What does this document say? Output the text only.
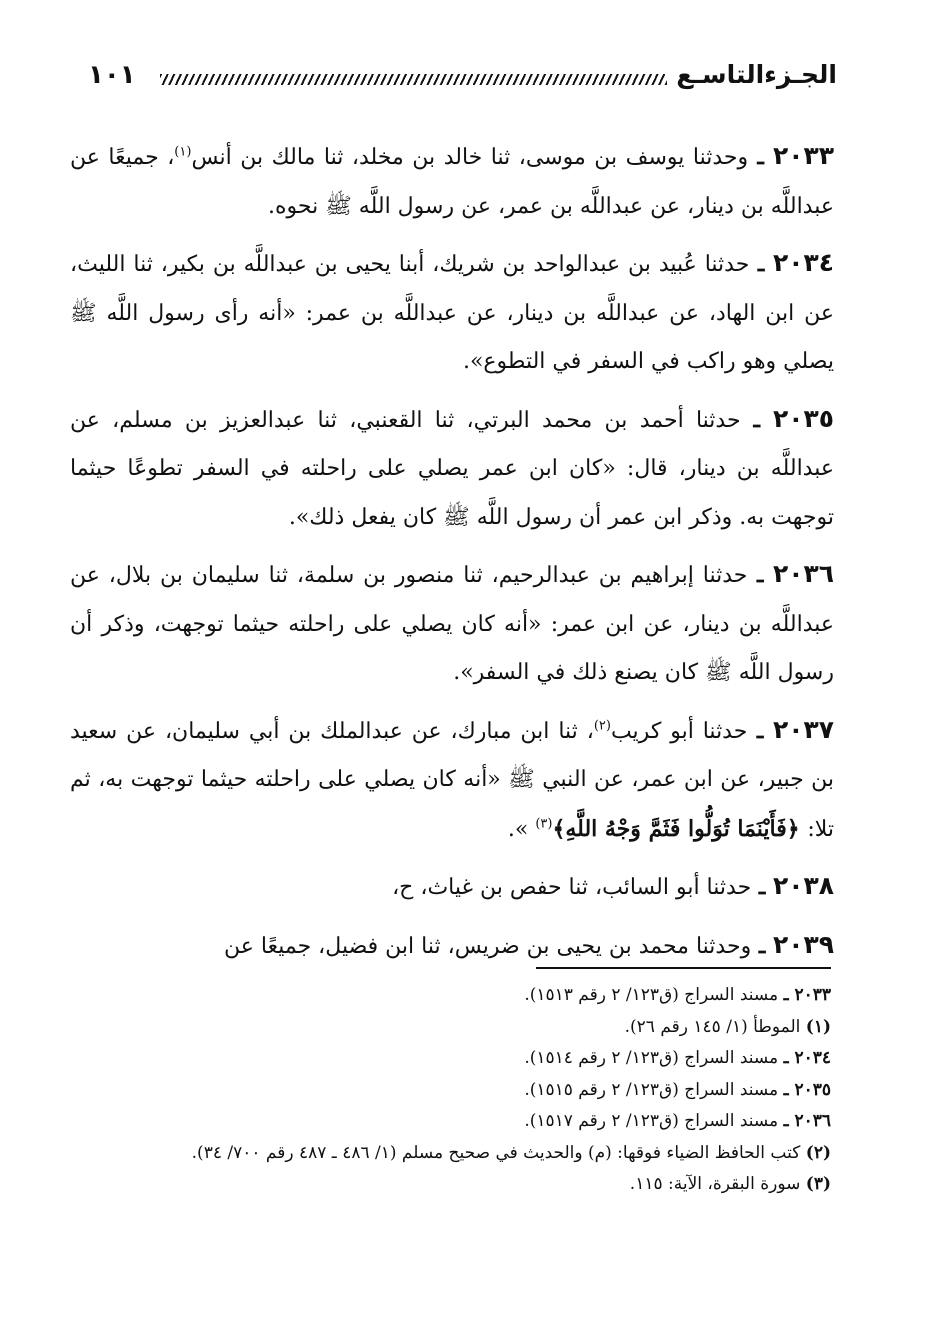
الجـزءالتاسـع
١٠١

٢٠٣٣ ـ وحدثنا يوسف بن موسى، ثنا خالد بن مخلد، ثنا مالك بن أنس$^{(١)}$، جميعًا عن عبداللَّه بن دينار، عن عبداللَّه بن عمر، عن رسول اللَّه ﷺ نحوه.

٢٠٣٤ ـ حدثنا عُبيد بن عبدالواحد بن شريك، أبنا يحيى بن عبداللَّه بن بكير، ثنا الليث، عن ابن الهاد، عن عبداللَّه بن دينار، عن عبداللَّه بن عمر: «أنه رأى رسول اللَّه ﷺ يصلي وهو راكب في السفر في التطوع».

٢٠٣٥ ـ حدثنا أحمد بن محمد البرتي، ثنا القعنبي، ثنا عبدالعزيز بن مسلم، عن عبداللَّه بن دينار، قال: «كان ابن عمر يصلي على راحلته في السفر تطوعًا حيثما توجهت به. وذكر ابن عمر أن رسول اللَّه ﷺ كان يفعل ذلك».

٢٠٣٦ ـ حدثنا إبراهيم بن عبدالرحيم، ثنا منصور بن سلمة، ثنا سليمان بن بلال، عن عبداللَّه بن دينار، عن ابن عمر: «أنه كان يصلي على راحلته حيثما توجهت، وذكر أن رسول اللَّه ﷺ كان يصنع ذلك في السفر».

٢٠٣٧ ـ حدثنا أبو كريب$^{(٢)}$، ثنا ابن مبارك، عن عبدالملك بن أبي سليمان، عن سعيد بن جبير، عن ابن عمر، عن النبي ﷺ «أنه كان يصلي على راحلته حيثما توجهت به، ثم تلا: ﴿فَأَيْنَمَا تُوَلُّوا فَثَمَّ وَجْهُ اللَّهِ﴾$^{(٣)}$ ».

٢٠٣٨ ـ حدثنا أبو السائب، ثنا حفص بن غياث، ح،

٢٠٣٩ ـ وحدثنا محمد بن يحيى بن ضريس، ثنا ابن فضيل، جميعًا عن

٢٠٣٣ ـ مسند السراج (ق١٢٣/ ٢ رقم ١٥١٣).

(١) الموطأ (١/ ١٤٥ رقم ٢٦).

٢٠٣٤ ـ مسند السراج (ق١٢٣/ ٢ رقم ١٥١٤).

٢٠٣٥ ـ مسند السراج (ق١٢٣/ ٢ رقم ١٥١٥).

٢٠٣٦ ـ مسند السراج (ق١٢٣/ ٢ رقم ١٥١٧).

(٢) كتب الحافظ الضياء فوقها: (م) والحديث في صحيح مسلم (١/ ٤٨٦ ـ ٤٨٧ رقم ٧٠٠/ ٣٤).

(٣) سورة البقرة، الآية: ١١٥.
